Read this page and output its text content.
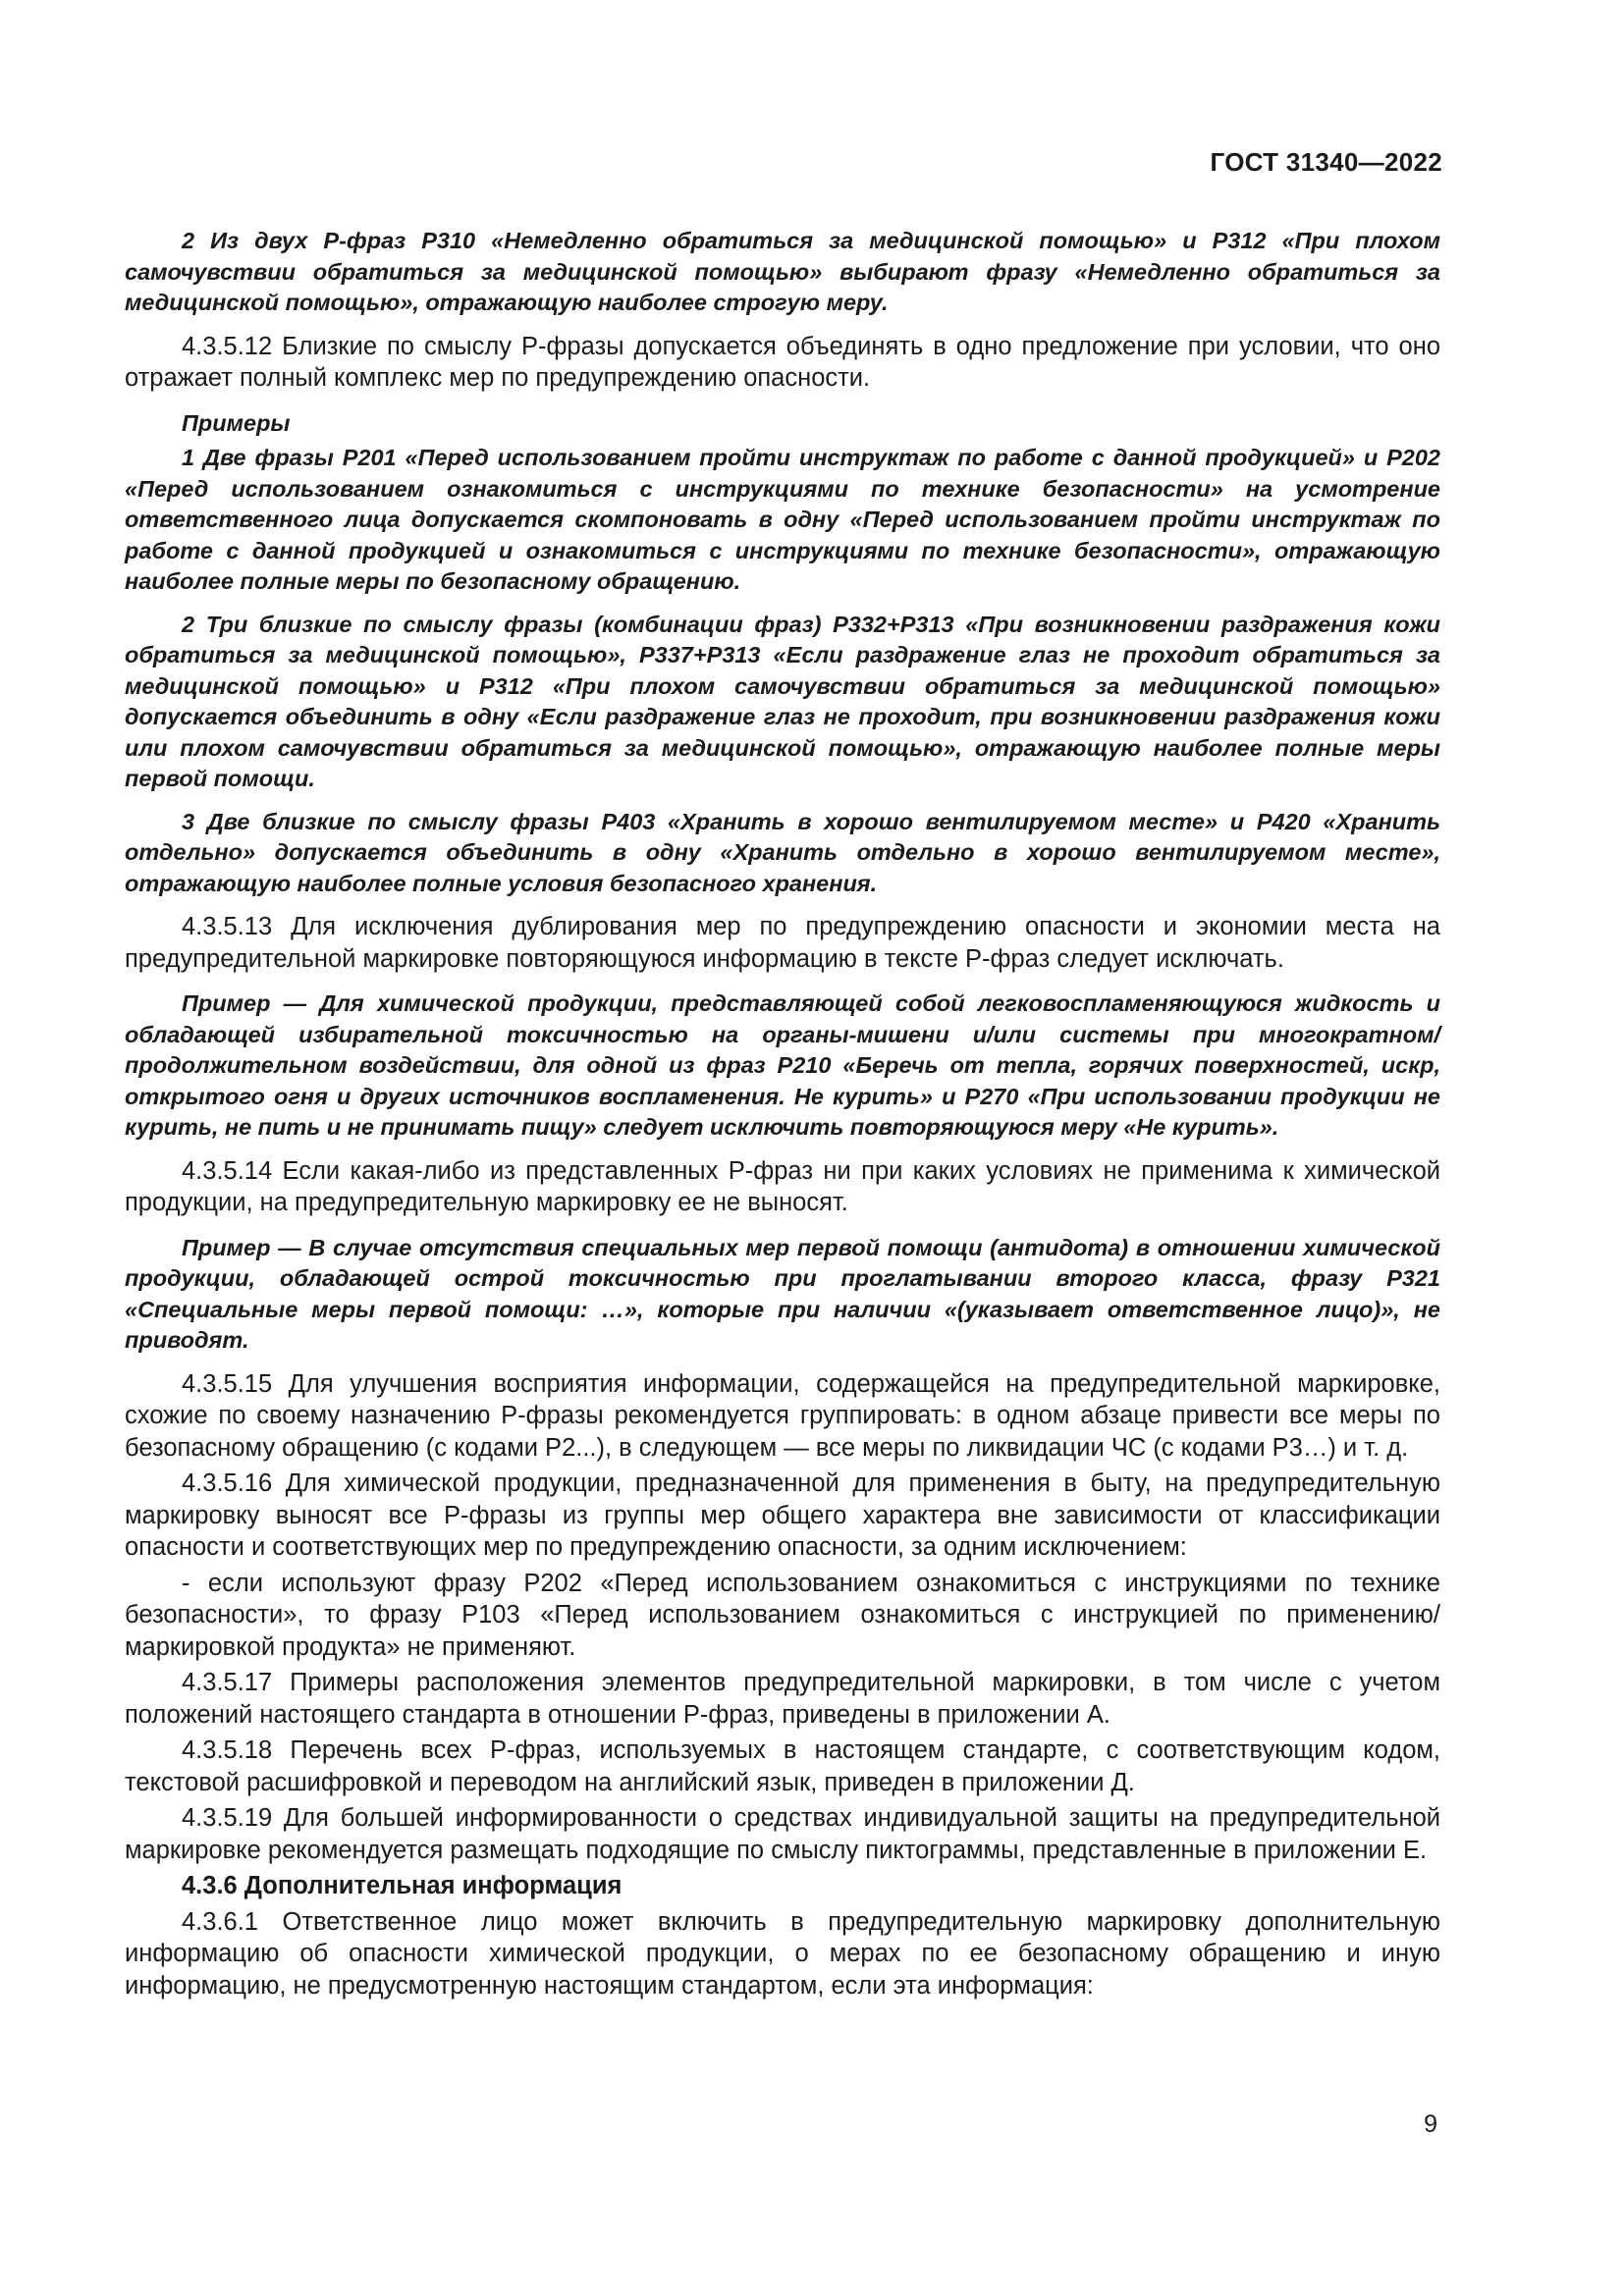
ГОСТ 31340—2022

2 Из двух Р-фраз Р310 «Немедленно обратиться за медицинской помощью» и Р312 «При плохом самочувствии обратиться за медицинской помощью» выбирают фразу «Немедленно обратиться за медицинской помощью», отражающую наиболее строгую меру.

4.3.5.12 Близкие по смыслу Р-фразы допускается объединять в одно предложение при условии, что оно отражает полный комплекс мер по предупреждению опасности.

Примеры

1 Две фразы Р201 «Перед использованием пройти инструктаж по работе с данной продукцией» и Р202 «Перед использованием ознакомиться с инструкциями по технике безопасности» на усмотрение ответственного лица допускается скомпоновать в одну «Перед использованием пройти инструктаж по работе с данной продукцией и ознакомиться с инструкциями по технике безопасности», отражающую наиболее полные меры по безопасному обращению.

2 Три близкие по смыслу фразы (комбинации фраз) Р332+Р313 «При возникновении раздражения кожи обратиться за медицинской помощью», Р337+Р313 «Если раздражение глаз не проходит обратиться за медицинской помощью» и Р312 «При плохом самочувствии обратиться за медицинской помощью» допускается объединить в одну «Если раздражение глаз не проходит, при возникновении раздражения кожи или плохом самочувствии обратиться за медицинской помощью», отражающую наиболее полные меры первой помощи.

3 Две близкие по смыслу фразы Р403 «Хранить в хорошо вентилируемом месте» и Р420 «Хранить отдельно» допускается объединить в одну «Хранить отдельно в хорошо вентилируемом месте», отражающую наиболее полные условия безопасного хранения.

4.3.5.13 Для исключения дублирования мер по предупреждению опасности и экономии места на предупредительной маркировке повторяющуюся информацию в тексте Р-фраз следует исключать.

Пример — Для химической продукции, представляющей собой легковоспламеняющуюся жидкость и обладающей избирательной токсичностью на органы-мишени и/или системы при многократном/продолжительном воздействии, для одной из фраз Р210 «Беречь от тепла, горячих поверхностей, искр, открытого огня и других источников воспламенения. Не курить» и Р270 «При использовании продукции не курить, не пить и не принимать пищу» следует исключить повторяющуюся меру «Не курить».

4.3.5.14 Если какая-либо из представленных Р-фраз ни при каких условиях не применима к химической продукции, на предупредительную маркировку ее не выносят.

Пример — В случае отсутствия специальных мер первой помощи (антидота) в отношении химической продукции, обладающей острой токсичностью при проглатывании второго класса, фразу Р321 «Специальные меры первой помощи: …», которые при наличии «(указывает ответственное лицо)», не приводят.

4.3.5.15 Для улучшения восприятия информации, содержащейся на предупредительной маркировке, схожие по своему назначению Р-фразы рекомендуется группировать: в одном абзаце привести все меры по безопасному обращению (с кодами Р2...), в следующем — все меры по ликвидации ЧС (с кодами Р3…) и т. д.

4.3.5.16 Для химической продукции, предназначенной для применения в быту, на предупредительную маркировку выносят все Р-фразы из группы мер общего характера вне зависимости от классификации опасности и соответствующих мер по предупреждению опасности, за одним исключением:

- если используют фразу Р202 «Перед использованием ознакомиться с инструкциями по технике безопасности», то фразу Р103 «Перед использованием ознакомиться с инструкцией по применению/маркировкой продукта» не применяют.

4.3.5.17 Примеры расположения элементов предупредительной маркировки, в том числе с учетом положений настоящего стандарта в отношении Р-фраз, приведены в приложении А.

4.3.5.18 Перечень всех Р-фраз, используемых в настоящем стандарте, с соответствующим кодом, текстовой расшифровкой и переводом на английский язык, приведен в приложении Д.

4.3.5.19 Для большей информированности о средствах индивидуальной защиты на предупредительной маркировке рекомендуется размещать подходящие по смыслу пиктограммы, представленные в приложении Е.

4.3.6 Дополнительная информация

4.3.6.1 Ответственное лицо может включить в предупредительную маркировку дополнительную информацию об опасности химической продукции, о мерах по ее безопасному обращению и иную информацию, не предусмотренную настоящим стандартом, если эта информация:

9
